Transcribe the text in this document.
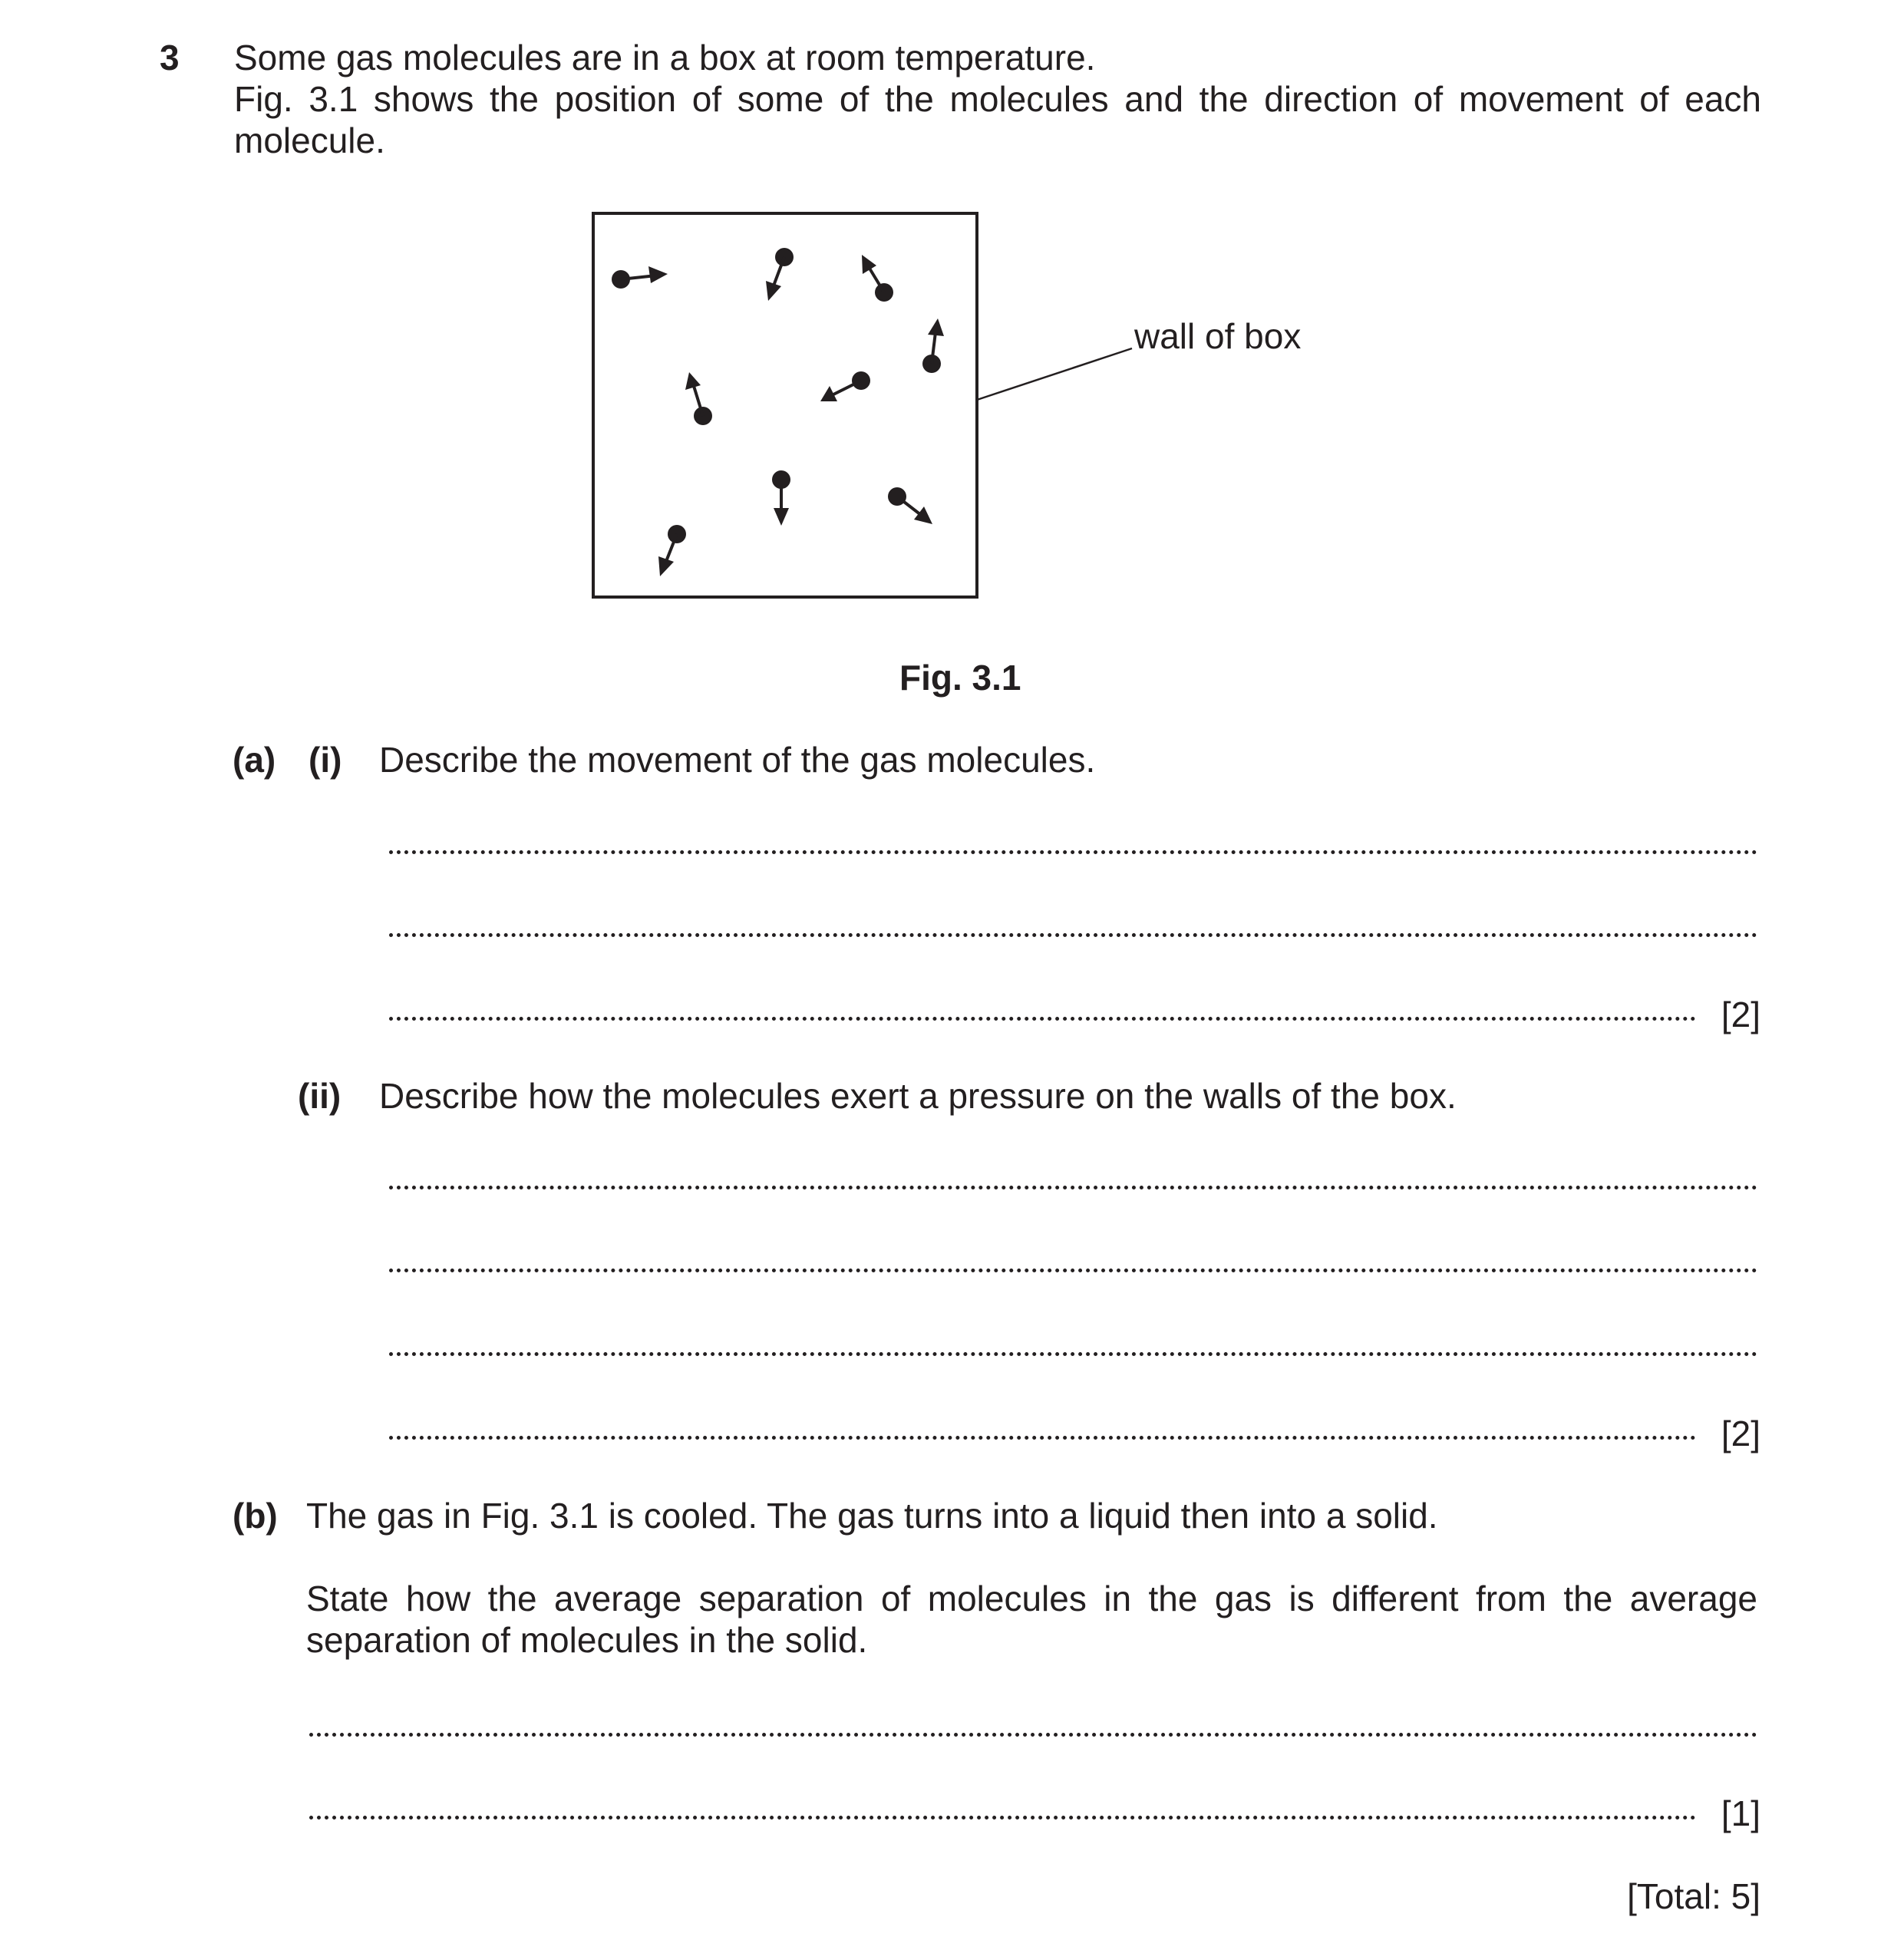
3 Some gas molecules are in a box at room temperature.
Fig. 3.1 shows the position of some of the molecules and the direction of movement of each
molecule.
wall of box
Fig. 3.1
(a) (i) Describe the movement of the gas molecules.
[2]
(ii) Describe how the molecules exert a pressure on the walls of the box.
[2]
(b) The gas in Fig. 3.1 is cooled. The gas turns into a liquid then into a solid.
State how the average separation of molecules in the gas is different from the average
separation of molecules in the solid.
[1]
[Total: 5]
